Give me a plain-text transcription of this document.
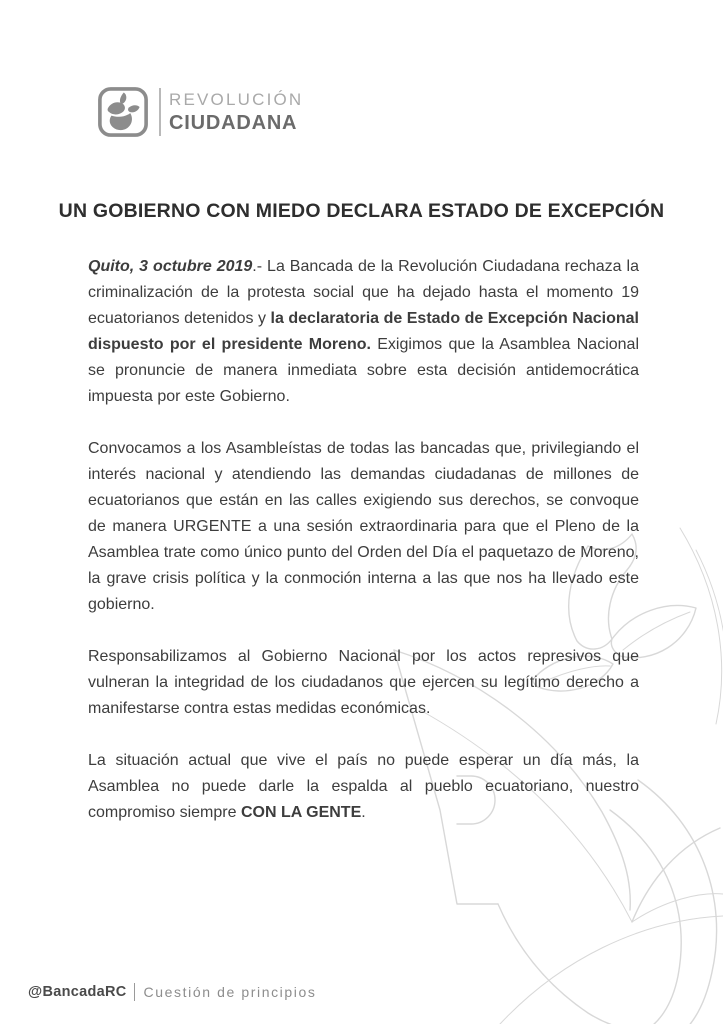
REVOLUCIÓN
CIUDADANA
UN GOBIERNO CON MIEDO DECLARA ESTADO DE EXCEPCIÓN

Quito, 3 octubre 2019.- La Bancada de la Revolución Ciudadana rechaza la criminalización de la protesta social que ha dejado hasta el momento 19 ecuatorianos detenidos y la declaratoria de Estado de Excepción Nacional dispuesto por el presidente Moreno. Exigimos que la Asamblea Nacional se pronuncie de manera inmediata sobre esta decisión antidemocrática impuesta por este Gobierno.

Convocamos a los Asambleístas de todas las bancadas que, privilegiando el interés nacional y atendiendo las demandas ciudadanas de millones de ecuatorianos que están en las calles exigiendo sus derechos, se convoque de manera URGENTE a una sesión extraordinaria para que el Pleno de la Asamblea trate como único punto del Orden del Día el paquetazo de Moreno, la grave crisis política y la conmoción interna a las que nos ha llevado este gobierno.

Responsabilizamos al Gobierno Nacional por los actos represivos que vulneran la integridad de los ciudadanos que ejercen su legítimo derecho a manifestarse contra estas medidas económicas.

La situación actual que vive el país no puede esperar un día más, la Asamblea no puede darle la espalda al pueblo ecuatoriano, nuestro compromiso siempre CON LA GENTE.

@BancadaRC Cuestión de principios
